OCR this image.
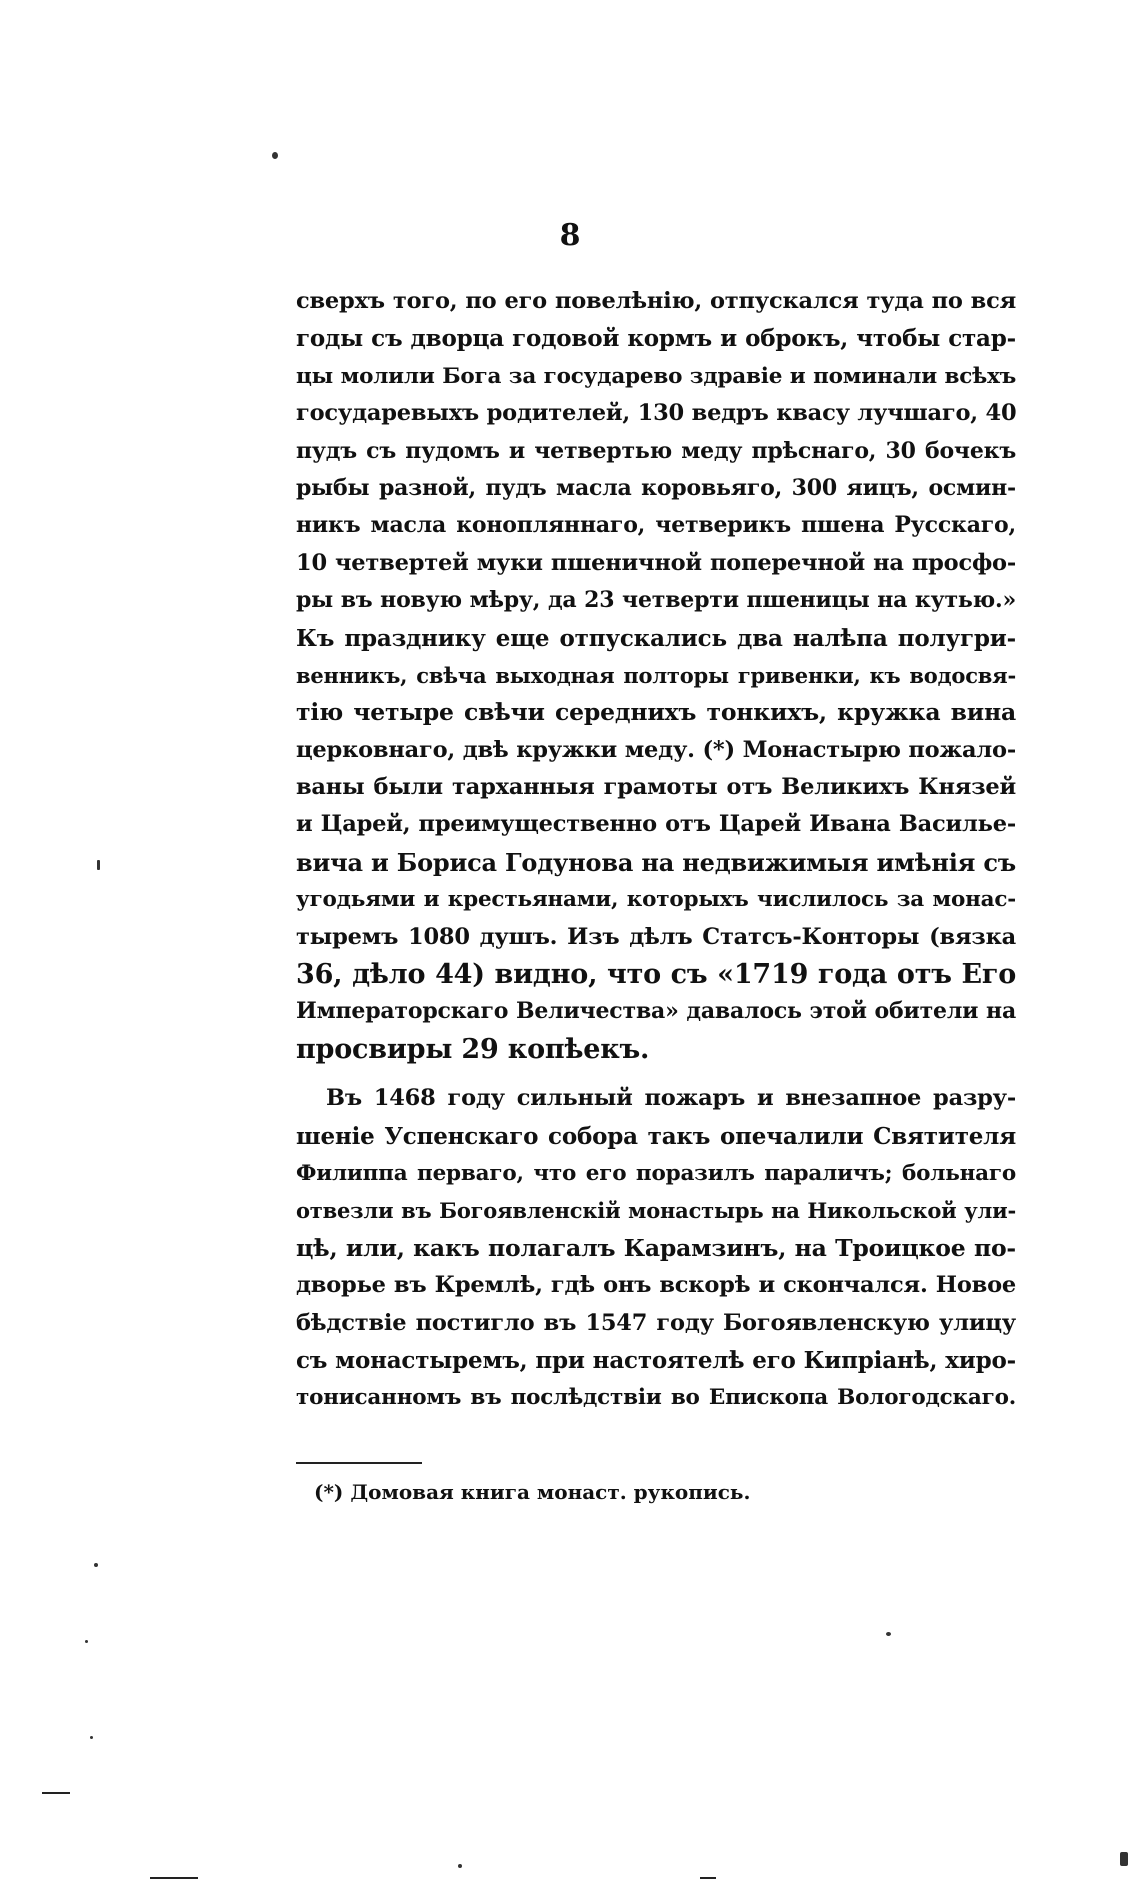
8
сверхъ того, по его повелѣнію, отпускался туда по вся
годы съ дворца годовой кормъ и оброкъ, чтобы стар-
цы молили Бога за государево здравіе и поминали всѣхъ
государевыхъ родителей, 130 ведръ квасу лучшаго, 40
пудъ съ пудомъ и четвертью меду прѣснаго, 30 бочекъ
рыбы разной, пудъ масла коровьяго, 300 яицъ, осмин-
никъ масла конопляннаго, четверикъ пшена Русскаго,
10 четвертей муки пшеничной поперечной на просфо-
ры въ новую мѣру, да 23 четверти пшеницы на кутью.»
Къ празднику еще отпускались два налѣпа полугри-
венникъ, свѣча выходная полторы гривенки, къ водосвя-
тію четыре свѣчи середнихъ тонкихъ, кружка вина
церковнаго, двѣ кружки меду. (*) Монастырю пожало-
ваны были тарханныя грамоты отъ Великихъ Князей
и Царей, преимущественно отъ Царей Ивана Василье-
вича и Бориса Годунова на недвижимыя имѣнія съ
угодьями и крестьянами, которыхъ числилось за монас-
тыремъ 1080 душъ. Изъ дѣлъ Статсъ-Конторы (вязка
36, дѣло 44) видно, что съ «1719 года отъ Его
Императорскаго Величества» давалось этой обители на
просвиры 29 копѣекъ.
Въ 1468 году сильный пожаръ и внезапное разру-
шеніе Успенскаго собора такъ опечалили Святителя
Филиппа перваго, что его поразилъ параличъ; больнаго
отвезли въ Богоявленскій монастырь на Никольской ули-
цѣ, или, какъ полагалъ Карамзинъ, на Троицкое по-
дворье въ Кремлѣ, гдѣ онъ вскорѣ и скончался. Новое
бѣдствіе постигло въ 1547 году Богоявленскую улицу
съ монастыремъ, при настоятелѣ его Кипріанѣ, хиро-
тонисанномъ въ послѣдствіи во Епископа Вологодскаго.
(*) Домовая книга монаст. рукопись.
